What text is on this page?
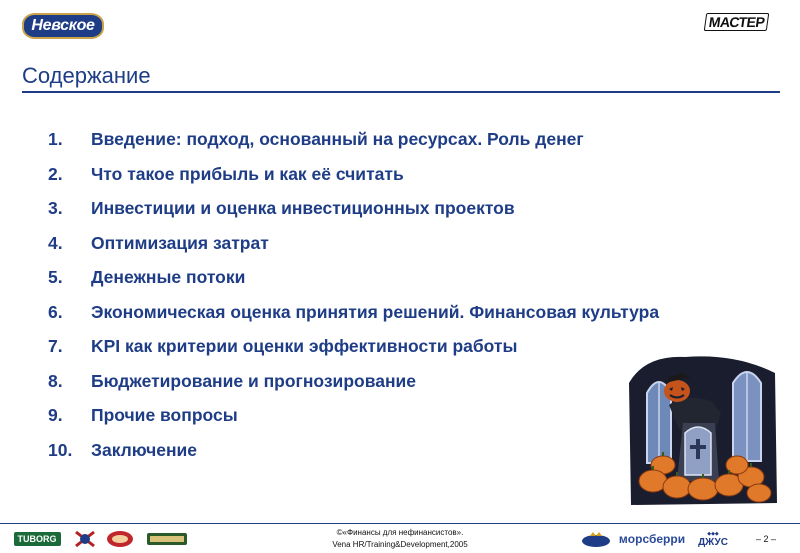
Невское	МАСТЕР
Содержание
1.	Введение: подход, основанный на ресурсах. Роль денег
2.	Что такое прибыль и как её считать
3.	Инвестиции и оценка инвестиционных проектов
4.	Оптимизация затрат
5.	Денежные потоки
6.	Экономическая оценка принятия решений. Финансовая культура
7.	KPI как критерии оценки эффективности работы
8.	Бюджетирование и прогнозирование
9.	Прочие вопросы
10.	Заключение
TUBORG
©«Финансы для нефинансистов».
Vena HR/Training&Development,2005	мoрсберри	◆◆◆
ДЖУС	– 2 –
